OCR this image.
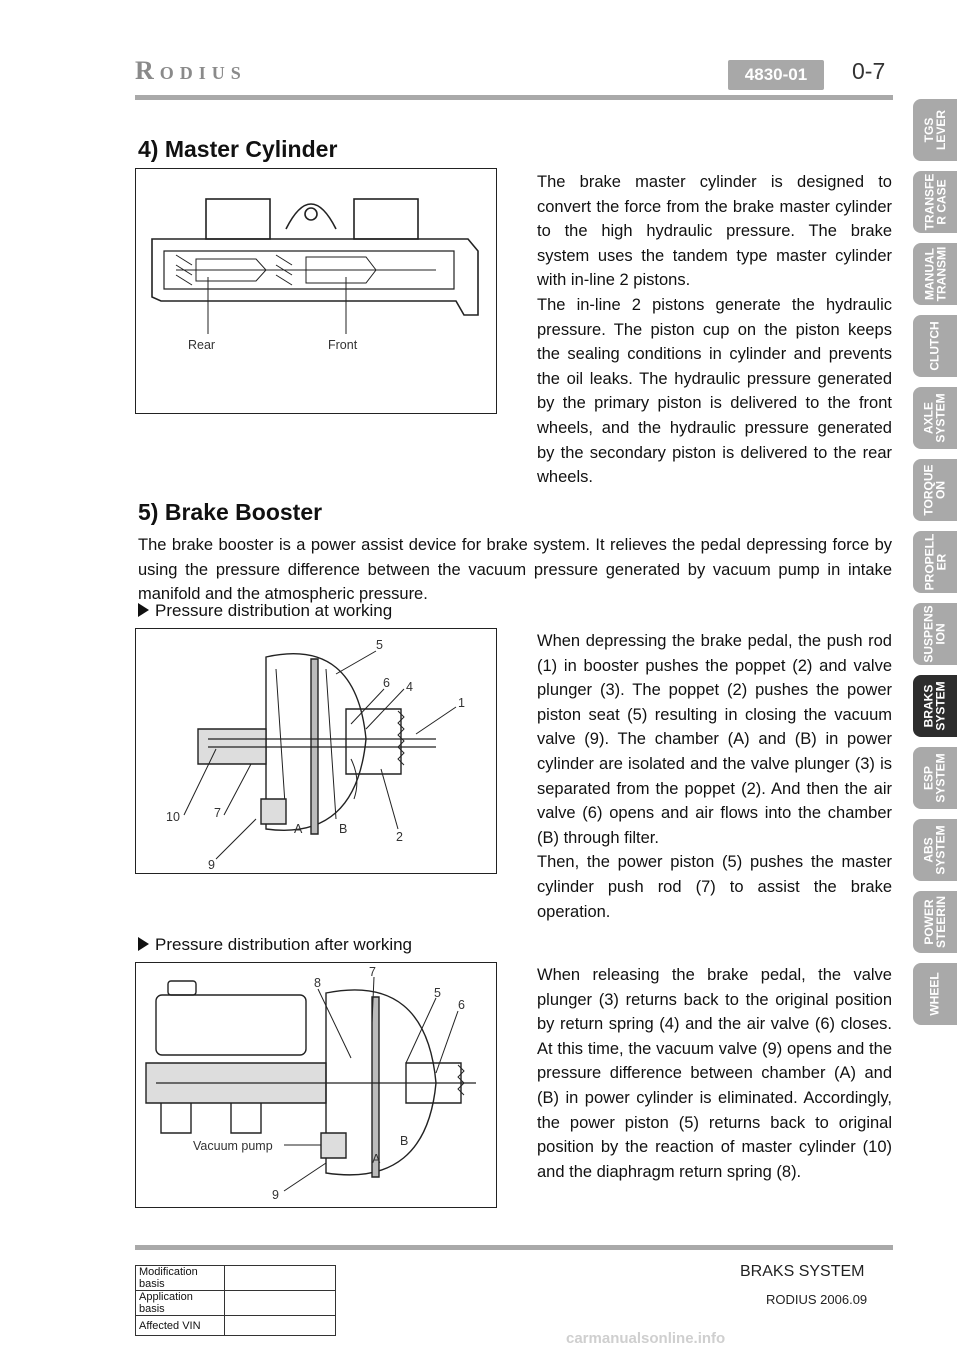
Rodius	4830-01	0-7
4) Master Cylinder
Rear	Front

The brake master cylinder is designed to convert the force from the brake master cylinder to the high hydraulic pressure. The brake system uses the tandem type master cylinder with in-line 2 pistons.

The in-line 2 pistons generate the hydraulic pressure. The piston cup on the piston keeps the sealing conditions in cylinder and prevents the oil leaks. The hydraulic pressure generated by the primary piston is delivered to the front wheels, and the hydraulic pressure generated by the secondary piston is delivered to the rear wheels.

5) Brake Booster
The brake booster is a power assist device for brake system. It relieves the pedal depressing force by using the pressure difference between the vacuum pressure generated by vacuum pump in intake manifold and the atmospheric pressure.
Pressure distribution at working
5
6 4
1
10	7
9
A	B
2

When depressing the brake pedal, the push rod (1) in booster pushes the poppet (2) and valve plunger (3). The poppet (2) pushes the power piston seat (5) resulting in closing the vacuum valve (9). The chamber (A) and (B) in power cylinder are isolated and the valve plunger (3) is separated from the poppet (2). And then the air valve (6) opens and air flows into the chamber (B) through filter.

Then, the power piston (5) pushes the master cylinder push rod (7) to assist the brake operation.

Pressure distribution after working
8
7
5
6
Vacuum pump
A
B
9
When releasing the brake pedal, the valve plunger (3) returns back to the original position by return spring (4) and the air valve (6) closes. At this time, the vacuum valve (9) opens and the pressure difference between chamber (A) and (B) in power cylinder is eliminated. Accordingly, the power piston (5) returns back to original position by the reaction of master cylinder (10) and the diaphragm return spring (8).
TGS
LEVER
TRANSFE
R CASE
MANUAL
TRANSMI
CLUTCH
AXLE
SYSTEM
TORQUE
ON
PROPELL
ER
SUSPENS
ION
BRAKS
SYSTEM
ESP
SYSTEM
ABS
SYSTEM
POWER
STEERIN
WHEEL
BRAKS SYSTEM
RODIUS 2006.09
Modification basis	
Application basis	
Affected VIN	
carmanualsonline.info
